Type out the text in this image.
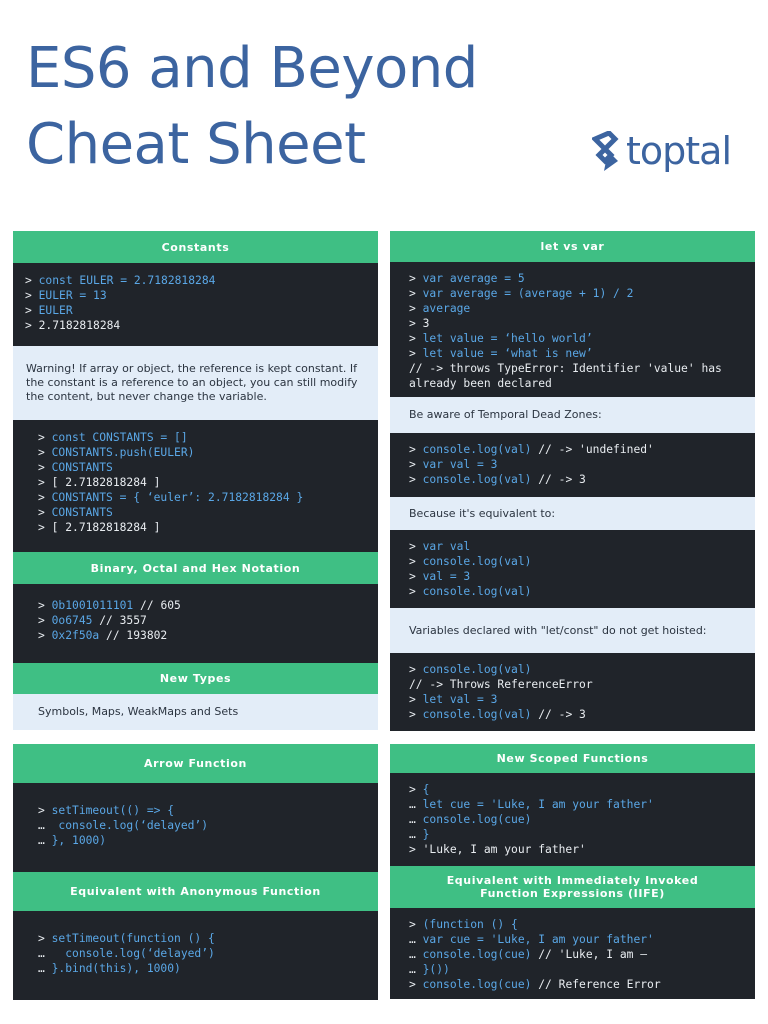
ES6 and Beyond
Cheat Sheet	toptal
Constants
> const EULER = 2.7182818284
> EULER = 13
> EULER
> 2.7182818284
Warning! If array or object, the reference is kept constant. If the constant is a reference to an object, you can still modify the content, but never change the variable.
> const CONSTANTS = []
> CONSTANTS.push(EULER)
> CONSTANTS
> [ 2.7182818284 ]
> CONSTANTS = { ‘euler’: 2.7182818284 }
> CONSTANTS
> [ 2.7182818284 ]
Binary, Octal and Hex Notation
> 0b1001011101 // 605
> 0o6745 // 3557
> 0x2f50a // 193802
New Types
Symbols, Maps, WeakMaps and Sets
Arrow Function
> setTimeout(() => {
…  console.log(‘delayed’)
… }, 1000)
Equivalent with Anonymous Function
> setTimeout(function () {
…   console.log(‘delayed’)
… }.bind(this), 1000)
let vs var
> var average = 5
> var average = (average + 1) / 2
> average
> 3
> let value = ‘hello world’
> let value = ‘what is new’
// -> throws TypeError: Identifier 'value' has
already been declared
Be aware of Temporal Dead Zones:
> console.log(val) // -> 'undefined'
> var val = 3
> console.log(val) // -> 3
Because it's equivalent to:
> var val
> console.log(val)
> val = 3
> console.log(val)
Variables declared with "let/const" do not get hoisted:
> console.log(val)
// -> Throws ReferenceError
> let val = 3
> console.log(val) // -> 3
New Scoped Functions
> {
… let cue = 'Luke, I am your father'
… console.log(cue)
… }
> 'Luke, I am your father'
Equivalent with Immediately Invoked Function Expressions (IIFE)
> (function () {
… var cue = 'Luke, I am your father'
… console.log(cue) // 'Luke, I am –
… }())
> console.log(cue) // Reference Error
